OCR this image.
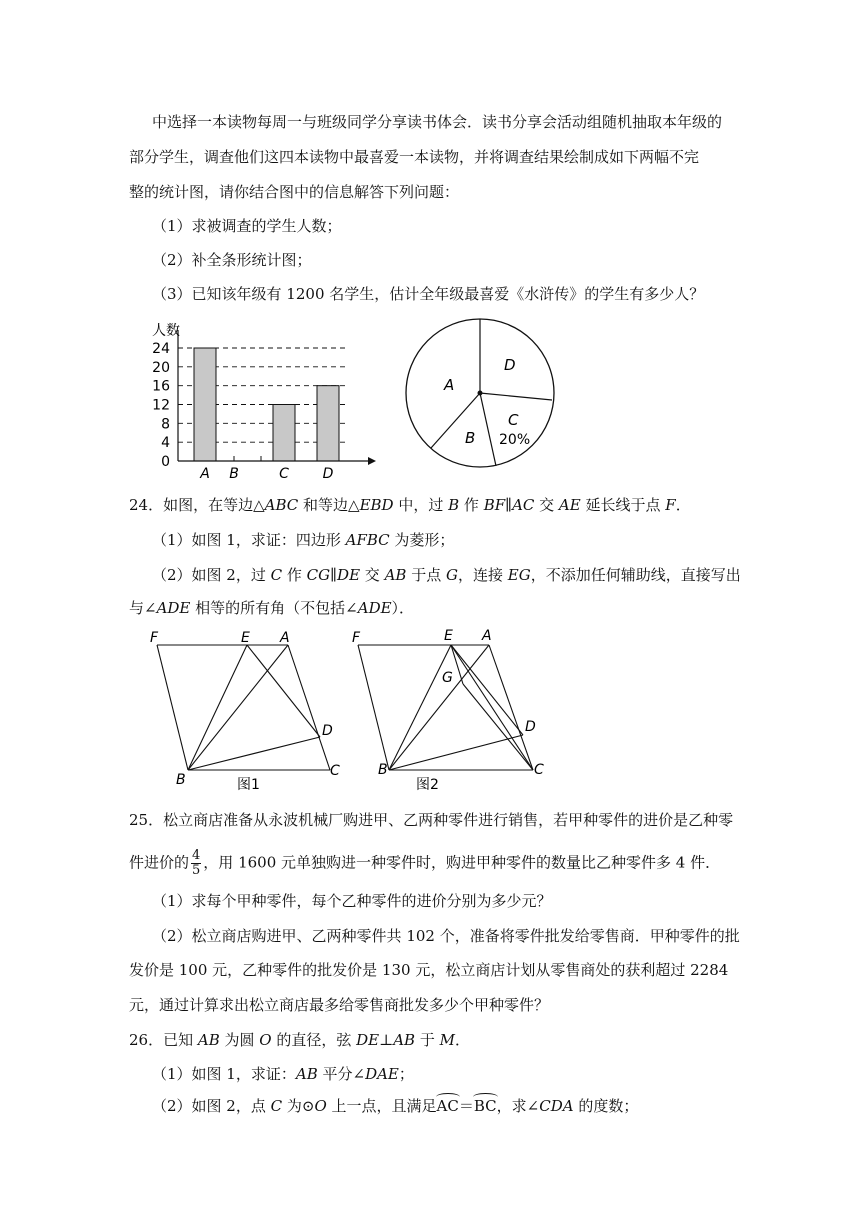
中选择一本读物每周一与班级同学分享读书体会．读书分享会活动组随机抽取本年级的
部分学生，调查他们这四本读物中最喜爱一本读物，并将调查结果绘制成如下两幅不完
整的统计图，请你结合图中的信息解答下列问题：
（1）求被调查的学生人数；
（2）补全条形统计图；
（3）已知该年级有 1200 名学生，估计全年级最喜爱《水浒传》的学生有多少人？
0
4
8
12
16
20
24
A B	C D
人数
D
C
20%
B
A
24．如图，在等边△ABC 和等边△EBD 中，过 B 作 BF∥AC 交 AE 延长线于点 F．
（1）如图 1，求证：四边形 AFBC 为菱形；
（2）如图 2，过 C 作 CG∥DE 交 AB 于点 G，连接 EG，不添加任何辅助线，直接写出
与∠ADE 相等的所有角（不包括∠ADE）．
F	E A
D
B
C
图1
F	E A
G
D
B	C
图2
25．松立商店准备从永波机械厂购进甲、乙两种零件进行销售，若甲种零件的进价是乙种零
件进价的 $\frac{4}{5}$ ，用 1600 元单独购进一种零件时，购进甲种零件的数量比乙种零件多 4 件．
（1）求每个甲种零件，每个乙种零件的进价分别为多少元？
（2）松立商店购进甲、乙两种零件共 102 个，准备将零件批发给零售商．甲种零件的批
发价是 100 元，乙种零件的批发价是 130 元，松立商店计划从零售商处的获利超过 2284
元，通过计算求出松立商店最多给零售商批发多少个甲种零件？
26．已知 AB 为圆 O 的直径，弦 DE⊥AB 于 M．
（1）如图 1，求证：AB 平分∠DAE；
（2）如图 2，点 C 为⊙O 上一点，且满足AC＝BC，求∠CDA 的度数；
